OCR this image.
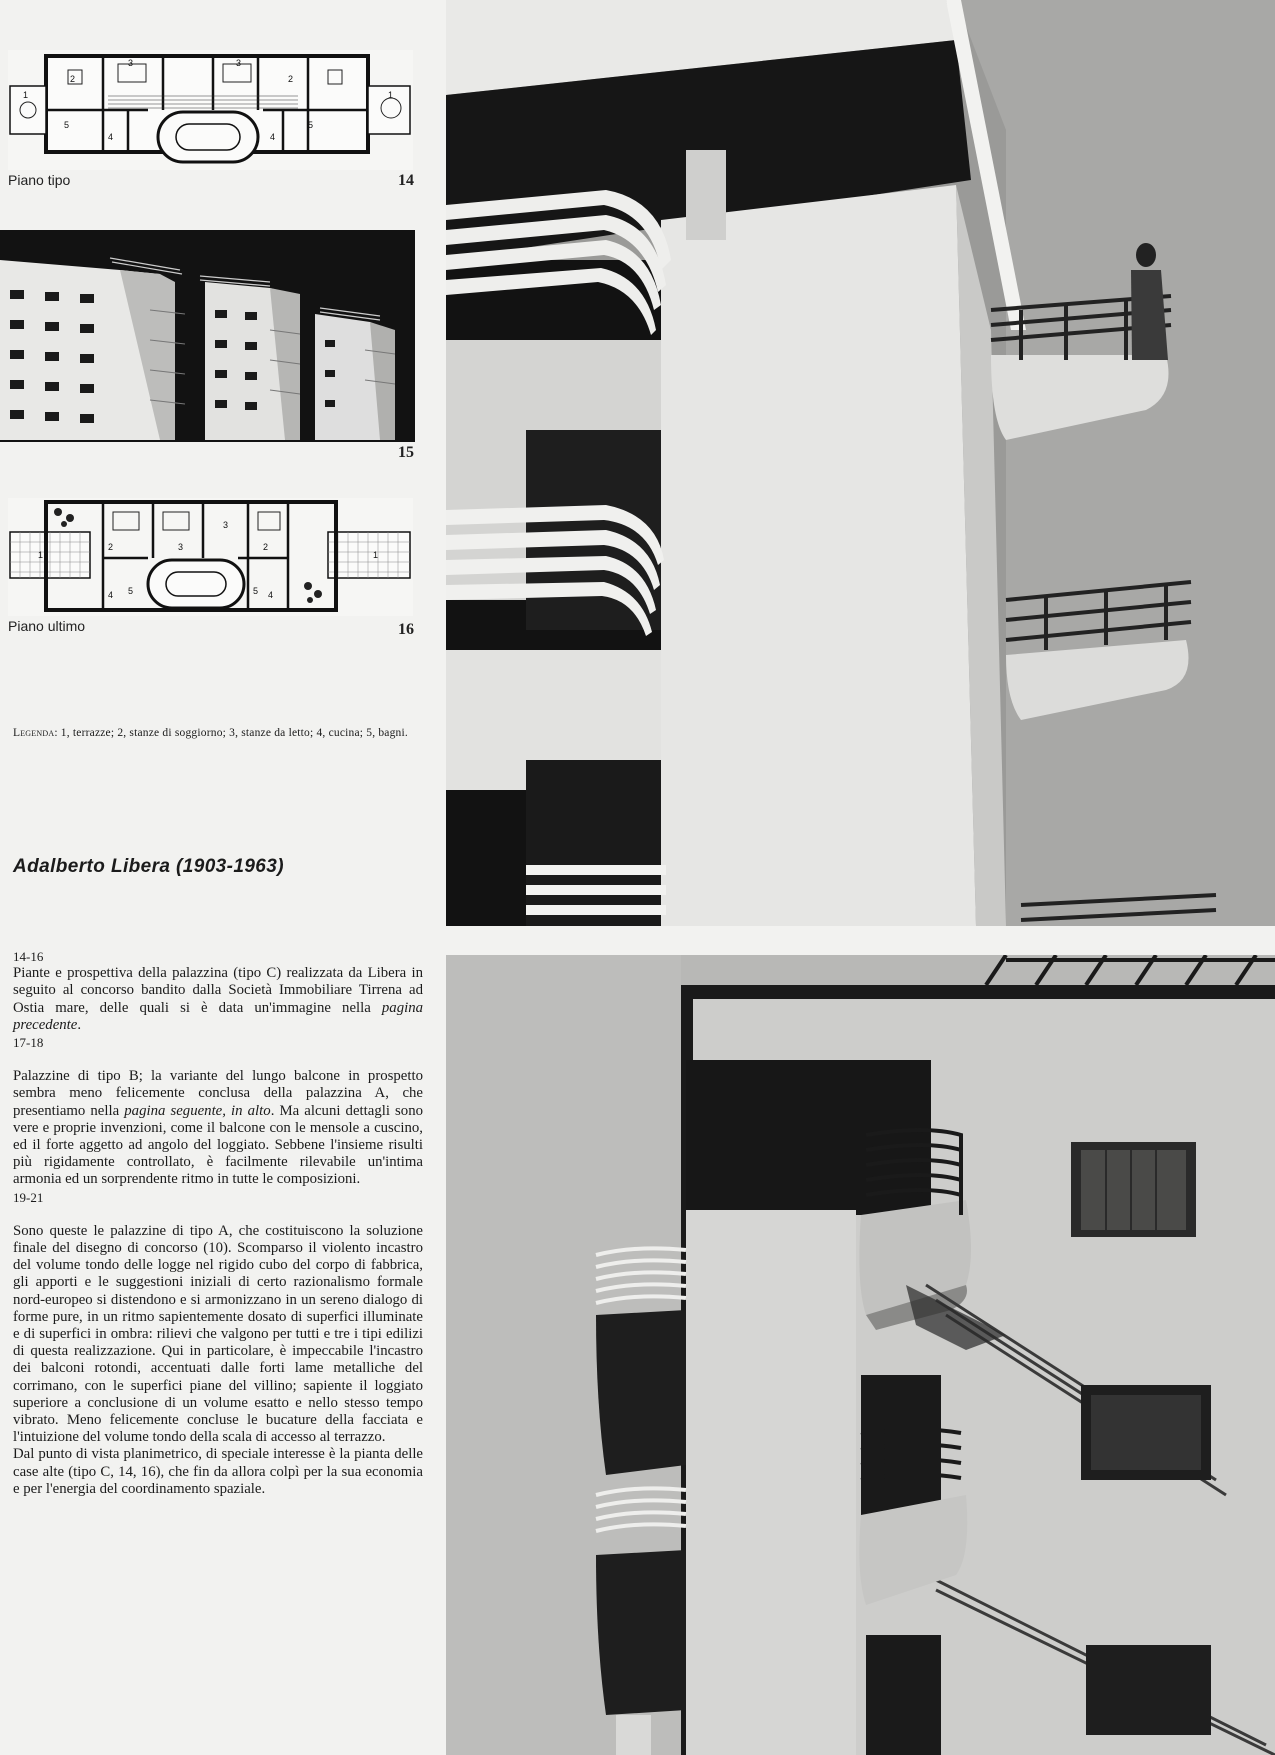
2	2
3	3
1	1
5	5
4	4
Piano tipo	14
15
2	3	2
3
4	4
5	5
1	1
Piano ultimo	16
Legenda: 1, terrazze; 2, stanze di soggiorno; 3, stanze da letto; 4, cucina; 5, bagni.
Adalberto Libera (1903-1963)

14-16

Piante e prospettiva della palazzina (tipo C) realizzata da Libera in seguito al concorso bandito dalla Società Immobiliare Tirrena ad Ostia mare, delle quali si è data un'immagine nella pagina precedente.

17-18

Palazzine di tipo B; la variante del lungo balcone in prospetto sembra meno felicemente conclusa della palazzina A, che presentiamo nella pagina seguente, in alto. Ma alcuni dettagli sono vere e proprie invenzioni, come il balcone con le mensole a cuscino, ed il forte aggetto ad angolo del loggiato. Sebbene l'insieme risulti più rigidamente controllato, è facilmente rilevabile un'intima armonia ed un sorprendente ritmo in tutte le composizioni.

19-21

Sono queste le palazzine di tipo A, che costituiscono la soluzione finale del disegno di concorso (10). Scomparso il violento incastro del volume tondo delle logge nel rigido cubo del corpo di fabbrica, gli apporti e le suggestioni iniziali di certo razionalismo formale nord-europeo si distendono e si armonizzano in un sereno dialogo di forme pure, in un ritmo sapientemente dosato di superfici illuminate e di superfici in ombra: rilievi che valgono per tutti e tre i tipi edilizi di questa realizzazione. Qui in particolare, è impeccabile l'incastro dei balconi rotondi, accentuati dalle forti lame metalliche del corrimano, con le superfici piane del villino; sapiente il loggiato superiore a conclusione di un volume esatto e nello stesso tempo vibrato. Meno felicemente concluse le bucature della facciata e l'intuizione del volume tondo della scala di accesso al terrazzo.

Dal punto di vista planimetrico, di speciale interesse è la pianta delle case alte (tipo C, 14, 16), che fin da allora colpì per la sua economia e per l'energia del coordinamento spaziale.
